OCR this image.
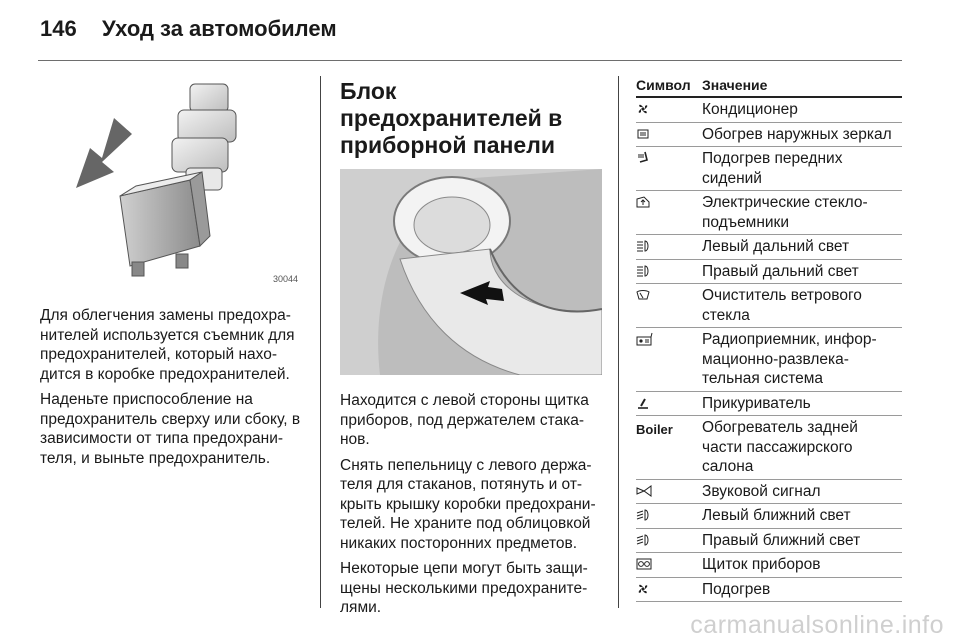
146	Уход за автомобилем
30044

Для облегчения замены предохра-нителей используется съемник для предохранителей, который нахо-дится в коробке предохранителей.

Наденьте приспособление на предохранитель сверху или сбоку, в зависимости от типа предохрани-теля, и выньте предохранитель.

Блок предохранителей в приборной панели

Находится с левой стороны щитка приборов, под держателем стака-нов.

Снять пепельницу с левого держа-теля для стаканов, потянуть и от-крыть крышку коробки предохрани-телей. Не храните под облицовкой никаких посторонних предметов.

Некоторые цепи могут быть защи-щены несколькими предохраните-лями.

Символ Значение
Кондиционер
Обогрев наружных зеркал
Подогрев передних сидений
Электрические стекло-подъемники
Левый дальний свет
Правый дальний свет
Очиститель ветрового стекла
Радиоприемник, инфор-мационно-развлека-тельная система
Прикуриватель
Boiler	Обогреватель задней части пассажирского салона
Звуковой сигнал
Левый ближний свет
Правый ближний свет
Щиток приборов
Подогрев
carmanualsonline.info
